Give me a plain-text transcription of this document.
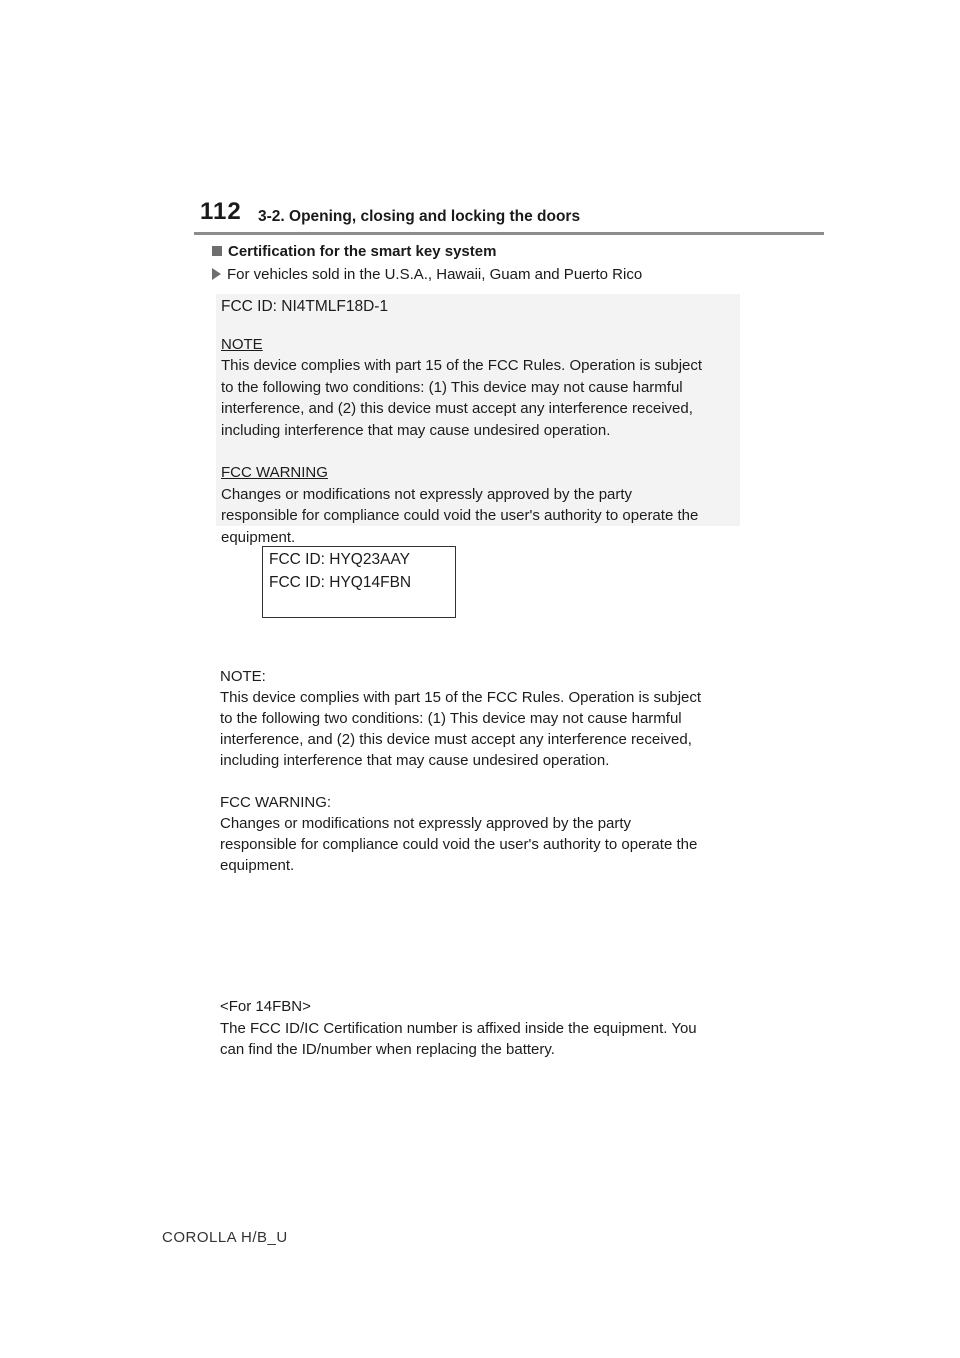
112 3-2. Opening, closing and locking the doors
Certification for the smart key system
For vehicles sold in the U.S.A., Hawaii, Guam and Puerto Rico
FCC ID: NI4TMLF18D-1
NOTE
This device complies with part 15 of the FCC Rules. Operation is subject
to the following two conditions: (1) This device may not cause harmful
interference, and (2) this device must accept any interference received,
including interference that may cause undesired operation.
FCC WARNING
Changes or modifications not expressly approved by the party
responsible for compliance could void the user's authority to operate the
equipment.
FCC ID: HYQ23AAY
FCC ID: HYQ14FBN
NOTE:
This device complies with part 15 of the FCC Rules. Operation is subject
to the following two conditions: (1) This device may not cause harmful
interference, and (2) this device must accept any interference received,
including interference that may cause undesired operation.
FCC WARNING:
Changes or modifications not expressly approved by the party
responsible for compliance could void the user's authority to operate the
equipment.
<For 14FBN>
The FCC ID/IC Certification number is affixed inside the equipment. You
can find the ID/number when replacing the battery.
COROLLA H/B_U
